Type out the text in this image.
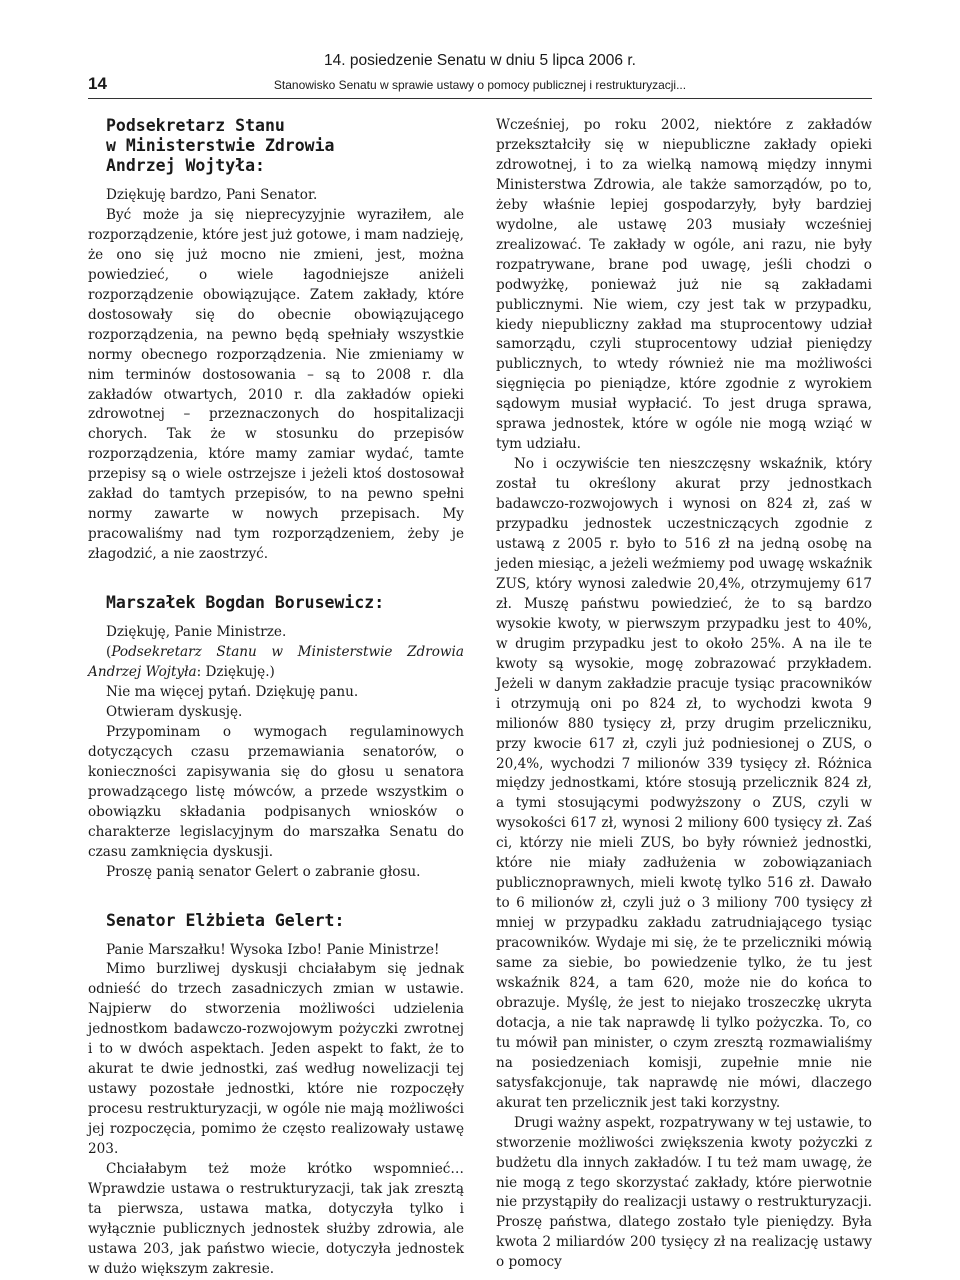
14
14. posiedzenie Senatu w dniu 5 lipca 2006 r.
Stanowisko Senatu w sprawie ustawy o pomocy publicznej i restrukturyzacji...
Podsekretarz Stanu
w Ministerstwie Zdrowia
Andrzej Wojtyła:

Dziękuję bardzo, Pani Senator.

Być może ja się nieprecyzyjnie wyraziłem, ale rozporządzenie, które jest już gotowe, i mam nadzieję, że ono się już mocno nie zmieni, jest, można powiedzieć, o wiele łagodniejsze aniżeli rozporządzenie obowiązujące. Zatem zakłady, które dostosowały się do obecnie obowiązującego rozporządzenia, na pewno będą spełniały wszystkie normy obecnego rozporządzenia. Nie zmieniamy w nim terminów dostosowania – są to 2008 r. dla zakładów otwartych, 2010 r. dla zakładów opieki zdrowotnej – przeznaczonych do hospitalizacji chorych. Tak że w stosunku do przepisów rozporządzenia, które mamy zamiar wydać, tamte przepisy są o wiele ostrzejsze i jeżeli ktoś dostosował zakład do tamtych przepisów, to na pewno spełni normy zawarte w nowych przepisach. My pracowaliśmy nad tym rozporządzeniem, żeby je złagodzić, a nie zaostrzyć.

Marszałek Bogdan Borusewicz:

Dziękuję, Panie Ministrze.

(Podsekretarz Stanu w Ministerstwie Zdrowia Andrzej Wojtyła: Dziękuję.)

Nie ma więcej pytań. Dziękuję panu.

Otwieram dyskusję.

Przypominam o wymogach regulaminowych dotyczących czasu przemawiania senatorów, o konieczności zapisywania się do głosu u senatora prowadzącego listę mówców, a przede wszystkim o obowiązku składania podpisanych wniosków o charakterze legislacyjnym do marszałka Senatu do czasu zamknięcia dyskusji.

Proszę panią senator Gelert o zabranie głosu.

Senator Elżbieta Gelert:

Panie Marszałku! Wysoka Izbo! Panie Ministrze!

Mimo burzliwej dyskusji chciałabym się jednak odnieść do trzech zasadniczych zmian w ustawie. Najpierw do stworzenia możliwości udzielenia jednostkom badawczo-rozwojowym pożyczki zwrotnej i to w dwóch aspektach. Jeden aspekt to fakt, że to akurat te dwie jednostki, zaś według nowelizacji tej ustawy pozostałe jednostki, które nie rozpoczęły procesu restrukturyzacji, w ogóle nie mają możliwości jej rozpoczęcia, pomimo że często realizowały ustawę 203.

Chciałabym też może krótko wspomnieć… Wprawdzie ustawa o restrukturyzacji, tak jak zresztą ta pierwsza, ustawa matka, dotyczyła tylko i wyłącznie publicznych jednostek służby zdrowia, ale ustawa 203, jak państwo wiecie, dotyczyła jednostek w dużo większym zakresie.

Wcześniej, po roku 2002, niektóre z zakładów przekształciły się w niepubliczne zakłady opieki zdrowotnej, i to za wielką namową między innymi Ministerstwa Zdrowia, ale także samorządów, po to, żeby właśnie lepiej gospodarzyły, były bardziej wydolne, ale ustawę 203 musiały wcześniej zrealizować. Te zakłady w ogóle, ani razu, nie były rozpatrywane, brane pod uwagę, jeśli chodzi o podwyżkę, ponieważ już nie są zakładami publicznymi. Nie wiem, czy jest tak w przypadku, kiedy niepubliczny zakład ma stuprocentowy udział samorządu, czyli stuprocentowy udział pieniędzy publicznych, to wtedy również nie ma możliwości sięgnięcia po pieniądze, które zgodnie z wyrokiem sądowym musiał wypłacić. To jest druga sprawa, sprawa jednostek, które w ogóle nie mogą wziąć w tym udziału.

No i oczywiście ten nieszczęsny wskaźnik, który został tu określony akurat przy jednostkach badawczo-rozwojowych i wynosi on 824 zł, zaś w przypadku jednostek uczestniczących zgodnie z ustawą z 2005 r. było to 516 zł na jedną osobę na jeden miesiąc, a jeżeli weźmiemy pod uwagę wskaźnik ZUS, który wynosi zaledwie 20,4%, otrzymujemy 617 zł. Muszę państwu powiedzieć, że to są bardzo wysokie kwoty, w pierwszym przypadku jest to 40%, w drugim przypadku jest to około 25%. A na ile te kwoty są wysokie, mogę zobrazować przykładem. Jeżeli w danym zakładzie pracuje tysiąc pracowników i otrzymują oni po 824 zł, to wychodzi kwota 9 milionów 880 tysięcy zł, przy drugim przeliczniku, przy kwocie 617 zł, czyli już podniesionej o ZUS, o 20,4%, wychodzi 7 milionów 339 tysięcy zł. Różnica między jednostkami, które stosują przelicznik 824 zł, a tymi stosującymi podwyższony o ZUS, czyli w wysokości 617 zł, wynosi 2 miliony 600 tysięcy zł. Zaś ci, którzy nie mieli ZUS, bo były również jednostki, które nie miały zadłużenia w zobowiązaniach publicznoprawnych, mieli kwotę tylko 516 zł. Dawało to 6 milionów zł, czyli już o 3 miliony 700 tysięcy zł mniej w przypadku zakładu zatrudniającego tysiąc pracowników. Wydaje mi się, że te przeliczniki mówią same za siebie, bo powiedzenie tylko, że tu jest wskaźnik 824, a tam 620, może nie do końca to obrazuje. Myślę, że jest to niejako troszeczkę ukryta dotacja, a nie tak naprawdę li tylko pożyczka. To, co tu mówił pan minister, o czym zresztą rozmawialiśmy na posiedzeniach komisji, zupełnie mnie nie satysfakcjonuje, tak naprawdę nie mówi, dlaczego akurat ten przelicznik jest taki korzystny.

Drugi ważny aspekt, rozpatrywany w tej ustawie, to stworzenie możliwości zwiększenia kwoty pożyczki z budżetu dla innych zakładów. I tu też mam uwagę, że nie mogą z tego skorzystać zakłady, które pierwotnie nie przystąpiły do realizacji ustawy o restrukturyzacji. Proszę państwa, dlatego zostało tyle pieniędzy. Była kwota 2 miliardów 200 tysięcy zł na realizację ustawy o pomocy
